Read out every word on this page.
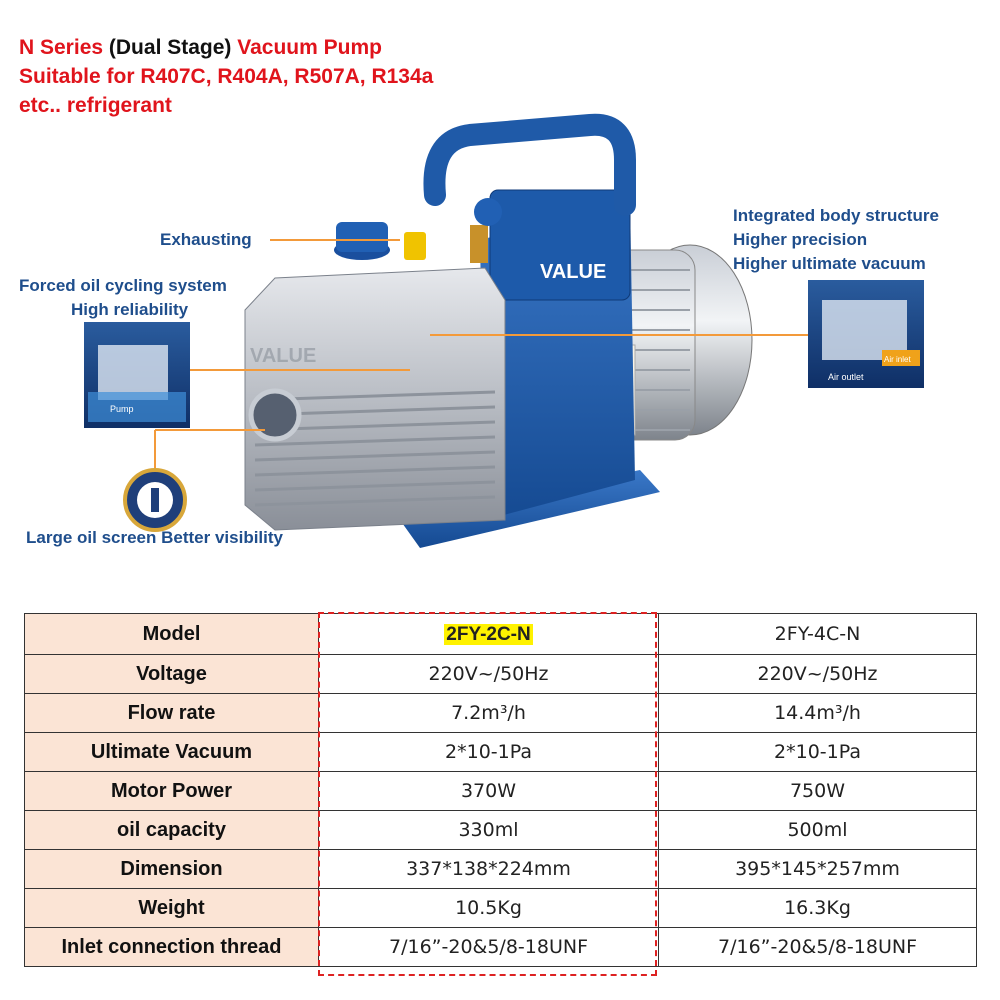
N Series (Dual Stage) Vacuum Pump
Suitable for R407C, R404A, R507A, R134a
etc.. refrigerant
VALUE
VALUE
Pump
Air inlet
Air outlet
Exhausting
Forced oil cycling system
High reliability
Integrated body structure
Higher precision
Higher ultimate vacuum
Large oil screen Better visibility
Model	2FY-2C-N	2FY-4C-N
Voltage	220V~/50Hz	220V~/50Hz
Flow rate	7.2m³/h	14.4m³/h
Ultimate Vacuum	2*10-1Pa	2*10-1Pa
Motor Power	370W	750W
oil capacity	330ml	500ml
Dimension	337*138*224mm	395*145*257mm
Weight	10.5Kg	16.3Kg
Inlet connection thread	7/16”-20&5/8-18UNF	7/16”-20&5/8-18UNF
